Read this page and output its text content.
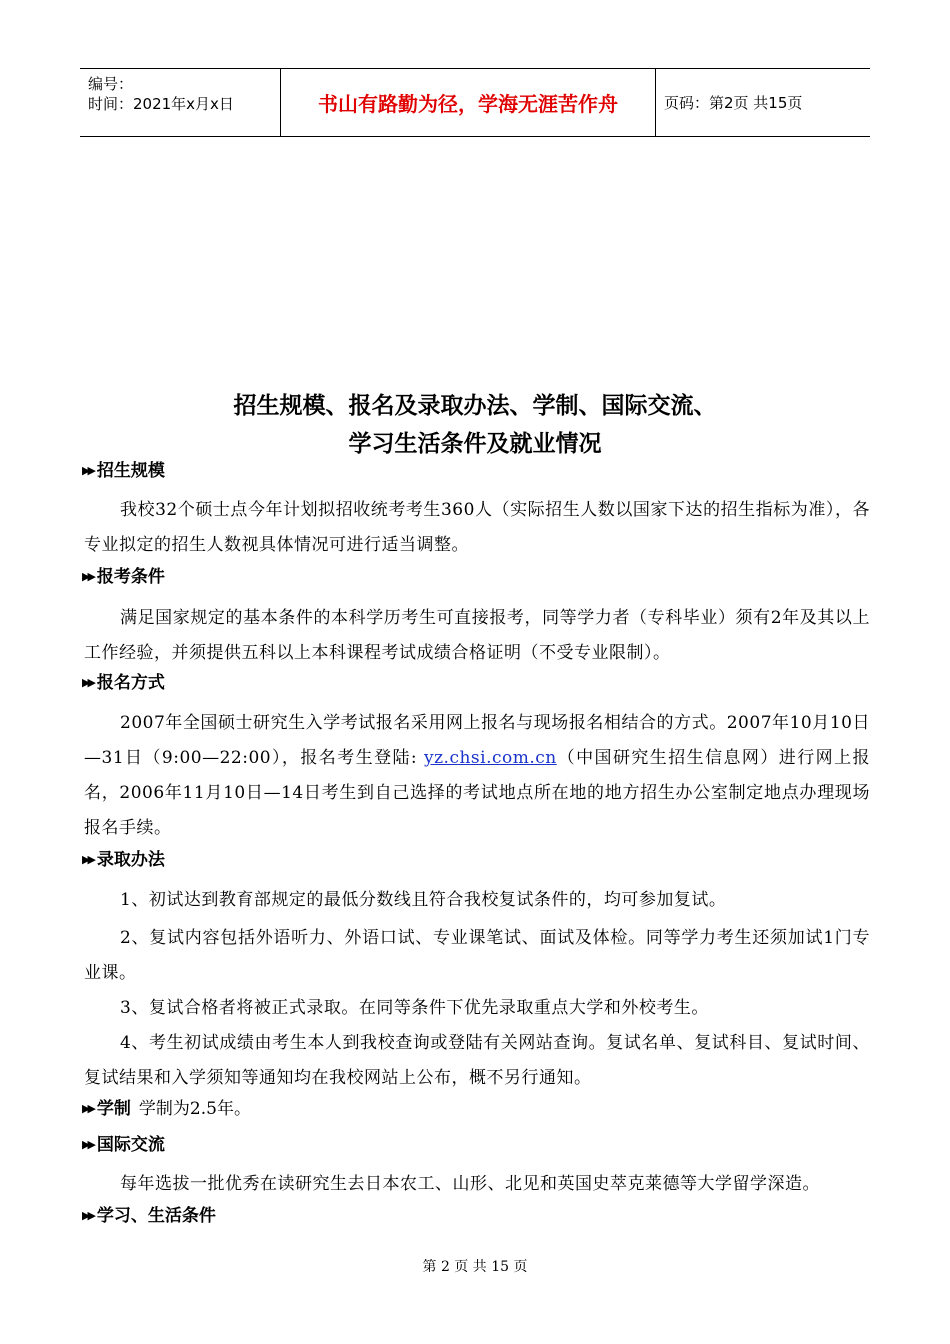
编号：
时间：2021年x月x日	书山有路勤为径，学海无涯苦作舟	页码：第2页 共15页
招生规模、报名及录取办法、学制、国际交流、
学习生活条件及就业情况
▶▶ 招生规模
我校32个硕士点今年计划拟招收统考考生360人（实际招生人数以国家下达的招生指标为准），各专业拟定的招生人数视具体情况可进行适当调整。
▶▶ 报考条件
满足国家规定的基本条件的本科学历考生可直接报考，同等学力者（专科毕业）须有2年及其以上工作经验，并须提供五科以上本科课程考试成绩合格证明（不受专业限制）。
▶▶ 报名方式
2007年全国硕士研究生入学考试报名采用网上报名与现场报名相结合的方式。2007年10月10日—31日（9:00—22:00），报名考生登陆: yz.chsi.com.cn（中国研究生招生信息网）进行网上报名，2006年11月10日—14日考生到自己选择的考试地点所在地的地方招生办公室制定地点办理现场报名手续。
▶▶ 录取办法
1、初试达到教育部规定的最低分数线且符合我校复试条件的，均可参加复试。
2、复试内容包括外语听力、外语口试、专业课笔试、面试及体检。同等学力考生还须加试1门专业课。
3、复试合格者将被正式录取。在同等条件下优先录取重点大学和外校考生。
4、考生初试成绩由考生本人到我校查询或登陆有关网站查询。复试名单、复试科目、复试时间、复试结果和入学须知等通知均在我校网站上公布，概不另行通知。
▶▶ 学制 学制为2.5年。
▶▶ 国际交流
每年选拔一批优秀在读研究生去日本农工、山形、北见和英国史萃克莱德等大学留学深造。
▶▶ 学习、生活条件
第 2 页 共 15 页
